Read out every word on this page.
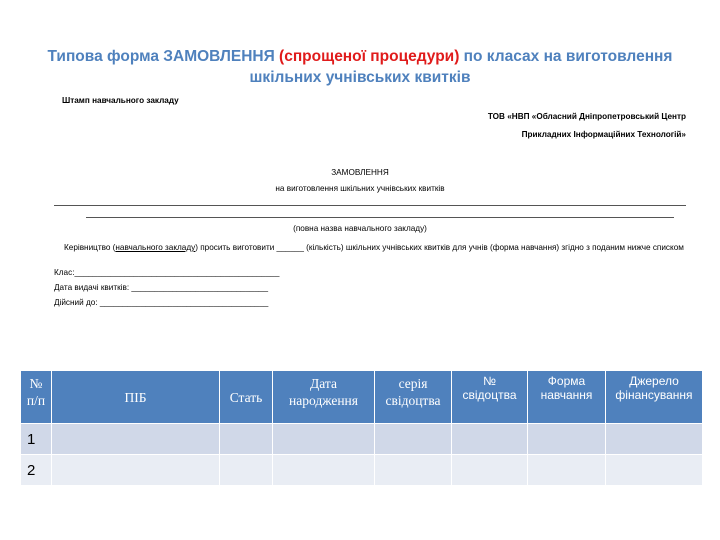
Типова форма ЗАМОВЛЕННЯ (спрощеної процедури) по класах на виготовлення
шкільних учнівських квитків
Штамп навчального закладу
ТОВ «НВП «Обласний Дніпропетровський Центр
Прикладних Інформаційних Технологій»
ЗАМОВЛЕННЯ
на виготовлення шкільних учнівських квитків
(повна назва навчального закладу)
Керівництво (навчального закладу) просить виготовити ______ (кількість) шкільних учнівських квитків для учнів (форма навчання) згідно з поданим нижче списком
Клас:_____________________________________________
Дата видачі квитків: ______________________________
Дійсний до: _____________________________________
№ п/п	ПІБ	Стать	Дата народження	серія свідоцтва	№ свідоцтва	Форма навчання	Джерело фінансування
1							
2							
